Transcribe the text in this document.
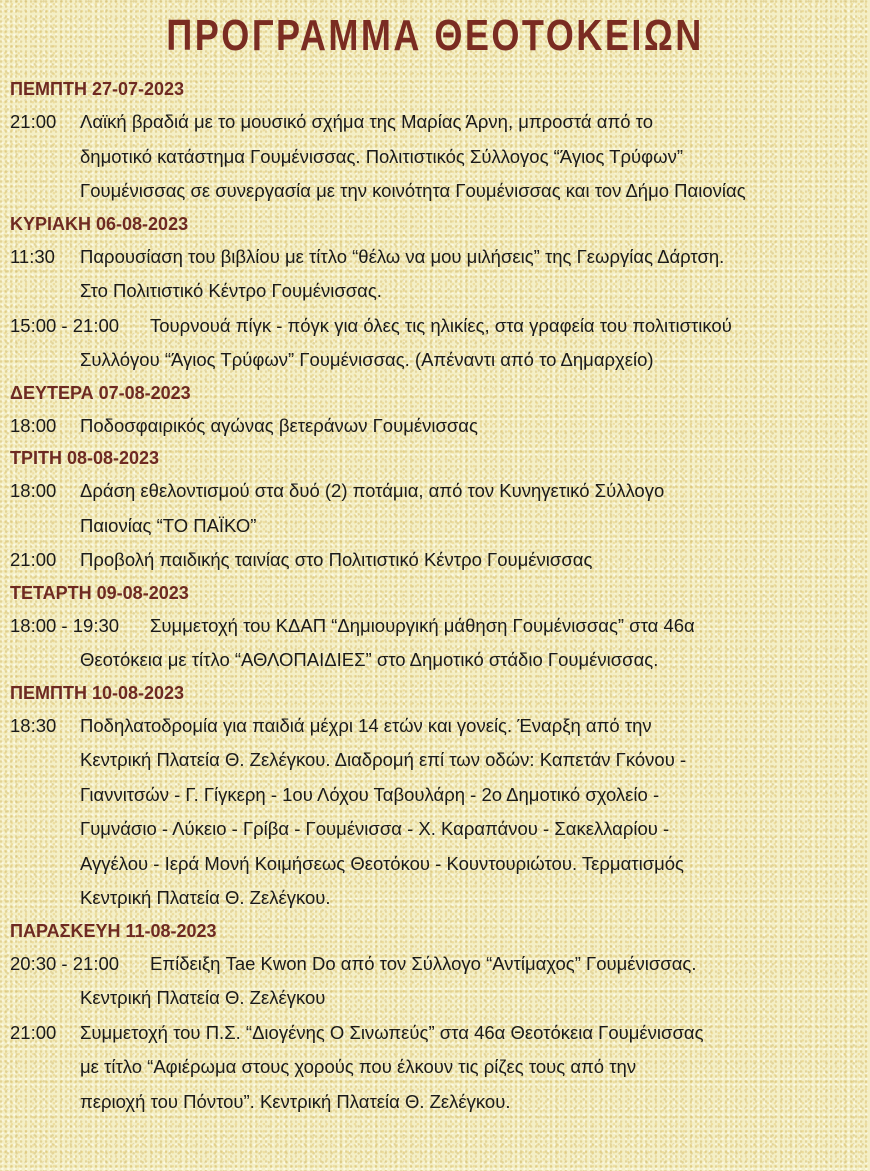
ΠΡΟΓΡΑΜΜΑ ΘΕΟΤΟΚΕΙΩΝ
ΠΕΜΠΤΗ 27-07-2023
21:00	Λαϊκή βραδιά με το μουσικό σχήμα της Μαρίας Άρνη, μπροστά από το
δημοτικό κατάστημα Γουμένισσας. Πολιτιστικός Σύλλογος “Άγιος Τρύφων”
Γουμένισσας σε συνεργασία με την κοινότητα Γουμένισσας και τον Δήμο Παιονίας
ΚΥΡΙΑΚΗ 06-08-2023
11:30	Παρουσίαση του βιβλίου με τίτλο “θέλω να μου μιλήσεις” της Γεωργίας Δάρτση.
Στο Πολιτιστικό Κέντρο Γουμένισσας.
15:00 - 21:00	Τουρνουά πίγκ - πόγκ για όλες τις ηλικίες, στα γραφεία του πολιτιστικού
Συλλόγου “Άγιος Τρύφων” Γουμένισσας. (Απέναντι από το Δημαρχείο)
ΔΕΥΤΕΡΑ 07-08-2023
18:00	Ποδοσφαιρικός αγώνας βετεράνων Γουμένισσας
ΤΡΙΤΗ 08-08-2023
18:00	Δράση εθελοντισμού στα δυό (2) ποτάμια, από τον Κυνηγετικό Σύλλογο
Παιονίας “ΤΟ ΠΑΪΚΟ”
21:00	Προβολή παιδικής ταινίας στο Πολιτιστικό Κέντρο Γουμένισσας
ΤΕΤΑΡΤΗ 09-08-2023
18:00 - 19:30	Συμμετοχή του ΚΔΑΠ “Δημιουργική μάθηση Γουμένισσας” στα 46α
Θεοτόκεια με τίτλο “ΑΘΛΟΠΑΙΔΙΕΣ” στο Δημοτικό στάδιο Γουμένισσας.
ΠΕΜΠΤΗ 10-08-2023
18:30	Ποδηλατοδρομία για παιδιά μέχρι 14 ετών και γονείς. Έναρξη από την
Κεντρική Πλατεία Θ. Ζελέγκου. Διαδρομή επί των οδών: Καπετάν Γκόνου -
Γιαννιτσών - Γ. Γίγκερη - 1ου Λόχου Ταβουλάρη - 2ο Δημοτικό σχολείο -
Γυμνάσιο - Λύκειο - Γρίβα - Γουμένισσα - Χ. Καραπάνου - Σακελλαρίου -
Αγγέλου - Ιερά Μονή Κοιμήσεως Θεοτόκου - Κουντουριώτου. Τερματισμός
Κεντρική Πλατεία Θ. Ζελέγκου.
ΠΑΡΑΣΚΕΥΗ 11-08-2023
20:30 - 21:00	Επίδειξη Tae Kwon Do από τον Σύλλογο “Αντίμαχος” Γουμένισσας.
Κεντρική Πλατεία Θ. Ζελέγκου
21:00	Συμμετοχή του Π.Σ. “Διογένης Ο Σινωπεύς” στα 46α Θεοτόκεια Γουμένισσας
με τίτλο “Αφιέρωμα στους χορούς που έλκουν τις ρίζες τους από την
περιοχή του Πόντου”. Κεντρική Πλατεία Θ. Ζελέγκου.
